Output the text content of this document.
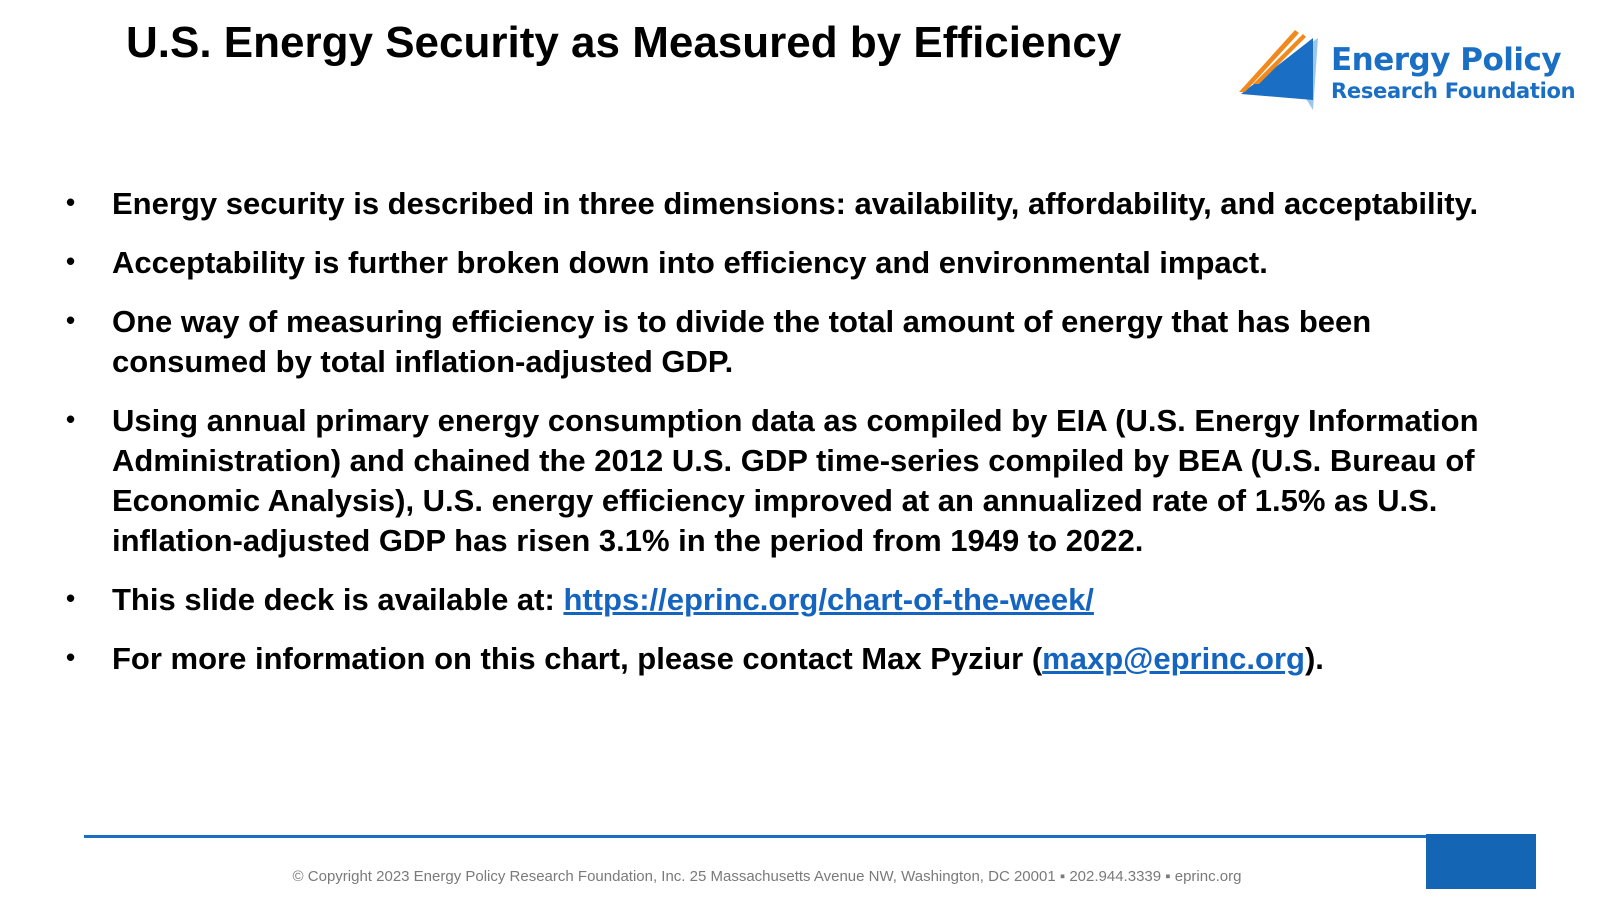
U.S. Energy Security as Measured by Efficiency	Energy Policy
Research Foundation
• Energy security is described in three dimensions: availability, affordability, and acceptability.
• Acceptability is further broken down into efficiency and environmental impact.
• One way of measuring efficiency is to divide the total amount of energy that has been consumed by total inflation-adjusted GDP.
• Using annual primary energy consumption data as compiled by EIA (U.S. Energy Information Administration) and chained the 2012 U.S. GDP time-series compiled by BEA (U.S. Bureau of Economic Analysis), U.S. energy efficiency improved at an annualized rate of 1.5% as U.S. inflation-adjusted GDP has risen 3.1% in the period from 1949 to 2022.
• This slide deck is available at: https://eprinc.org/chart-of-the-week/
• For more information on this chart, please contact Max Pyziur (maxp@eprinc.org).
© Copyright 2023 Energy Policy Research Foundation, Inc. 25 Massachusetts Avenue NW, Washington, DC 20001 ▪ 202.944.3339 ▪ eprinc.org
